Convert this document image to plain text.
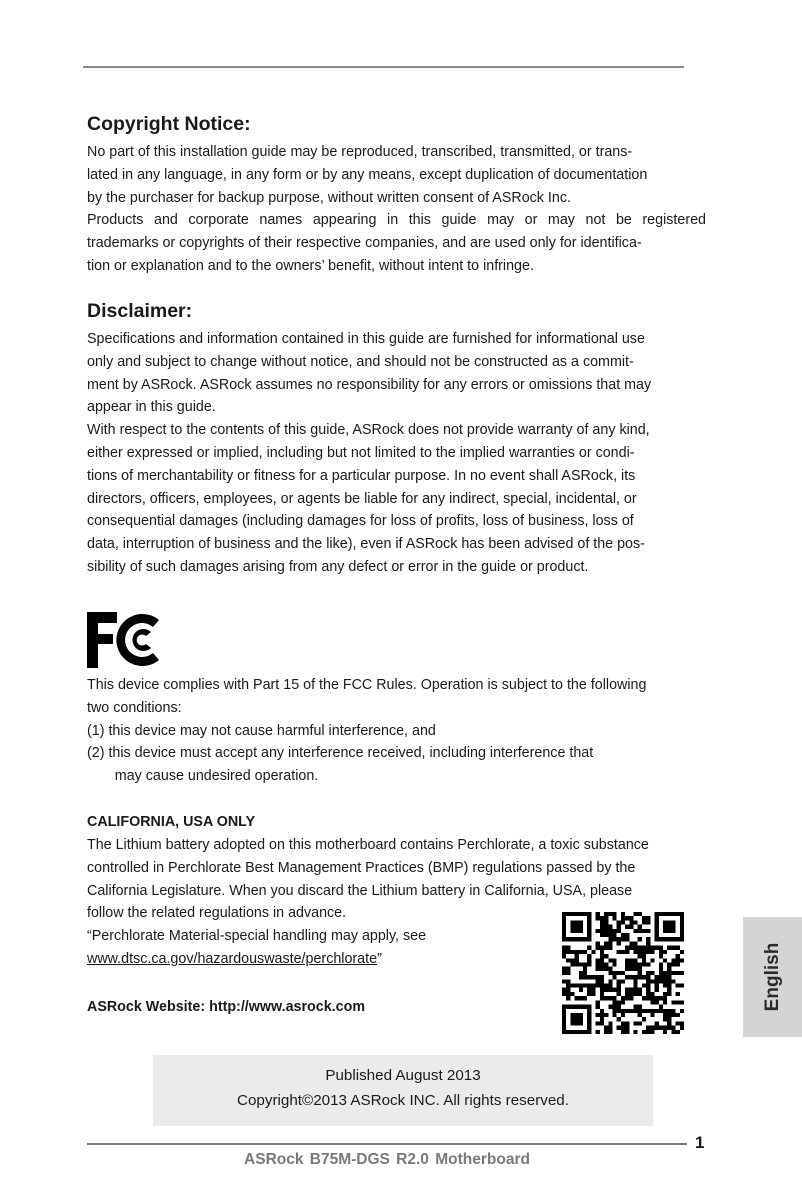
Copyright Notice:
No part of this installation guide may be reproduced, transcribed, transmitted, or trans-
lated in any language, in any form or by any means, except duplication of documentation
by the purchaser for backup purpose, without written consent of ASRock Inc.
Products and corporate names appearing in this guide may or may not be registered
trademarks or copyrights of their respective companies, and are used only for identifica-
tion or explanation and to the owners’ benefit, without intent to infringe.
Disclaimer:
Specifications and information contained in this guide are furnished for informational use
only and subject to change without notice, and should not be constructed as a commit-
ment by ASRock. ASRock assumes no responsibility for any errors or omissions that may
appear in this guide.
With respect to the contents of this guide, ASRock does not provide warranty of any kind,
either expressed or implied, including but not limited to the implied warranties or condi-
tions of merchantability or fitness for a particular purpose. In no event shall ASRock, its
directors, officers, employees, or agents be liable for any indirect, special, incidental, or
consequential damages (including damages for loss of profits, loss of business, loss of
data, interruption of business and the like), even if ASRock has been advised of the pos-
sibility of such damages arising from any defect or error in the guide or product.
This device complies with Part 15 of the FCC Rules. Operation is subject to the following
two conditions:
(1) this device may not cause harmful interference, and
(2) this device must accept any interference received, including interference that
may cause undesired operation.
CALIFORNIA, USA ONLY
The Lithium battery adopted on this motherboard contains Perchlorate, a toxic substance
controlled in Perchlorate Best Management Practices (BMP) regulations passed by the
California Legislature. When you discard the Lithium battery in California, USA, please
follow the related regulations in advance.
“Perchlorate Material-special handling may apply, see
www.dtsc.ca.gov/hazardouswaste/perchlorate”
ASRock Website: http://www.asrock.com	English
Published August 2013
Copyright©2013 ASRock INC. All rights reserved.
1
ASRock B75M-DGS R2.0 Motherboard
